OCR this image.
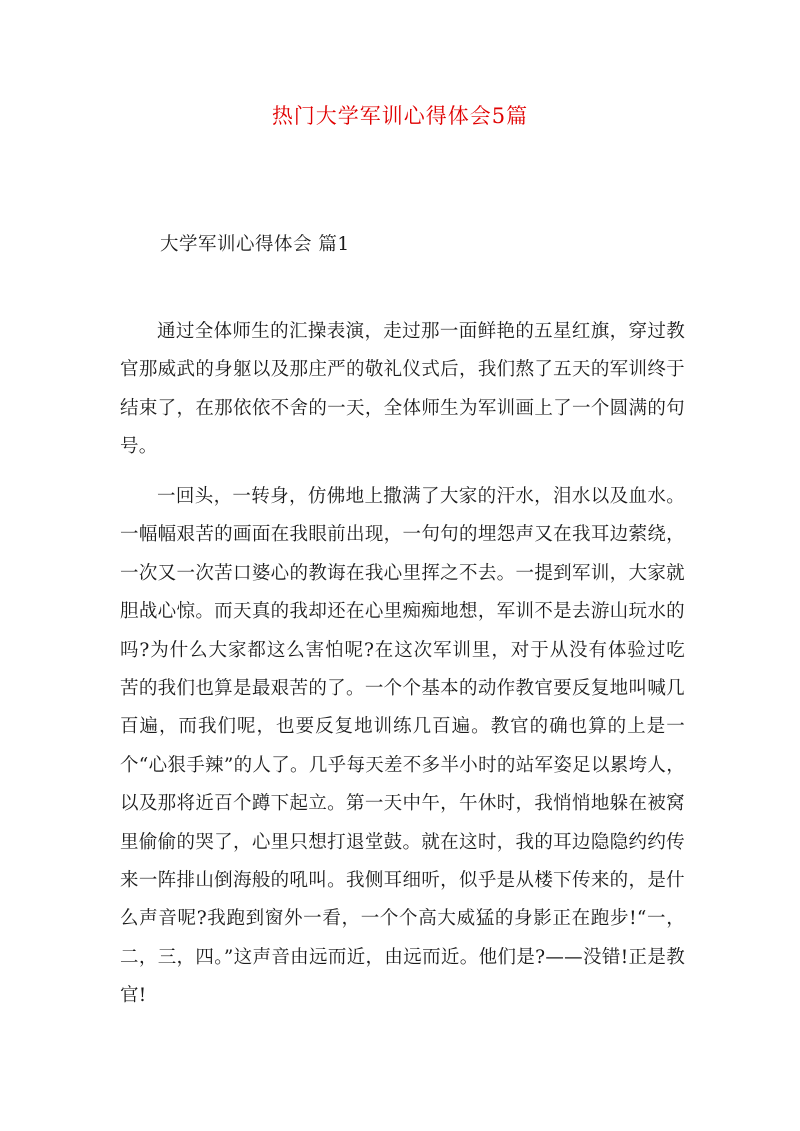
热门大学军训心得体会5篇
大学军训心得体会 篇1

通过全体师生的汇操表演，走过那一面鲜艳的五星红旗，穿过教官那威武的身躯以及那庄严的敬礼仪式后，我们熬了五天的军训终于结束了，在那依依不舍的一天，全体师生为军训画上了一个圆满的句号。

一回头，一转身，仿佛地上撒满了大家的汗水，泪水以及血水。一幅幅艰苦的画面在我眼前出现，一句句的埋怨声又在我耳边萦绕，一次又一次苦口婆心的教诲在我心里挥之不去。一提到军训，大家就胆战心惊。而天真的我却还在心里痴痴地想，军训不是去游山玩水的吗?为什么大家都这么害怕呢?在这次军训里，对于从没有体验过吃苦的我们也算是最艰苦的了。一个个基本的动作教官要反复地叫喊几百遍，而我们呢，也要反复地训练几百遍。教官的确也算的上是一个“心狠手辣”的人了。几乎每天差不多半小时的站军姿足以累垮人，以及那将近百个蹲下起立。第一天中午，午休时，我悄悄地躲在被窝里偷偷的哭了，心里只想打退堂鼓。就在这时，我的耳边隐隐约约传来一阵排山倒海般的吼叫。我侧耳细听，似乎是从楼下传来的，是什么声音呢?我跑到窗外一看，一个个高大威猛的身影正在跑步!“一，二，三，四。”这声音由远而近，由远而近。他们是?——没错!正是教官!
